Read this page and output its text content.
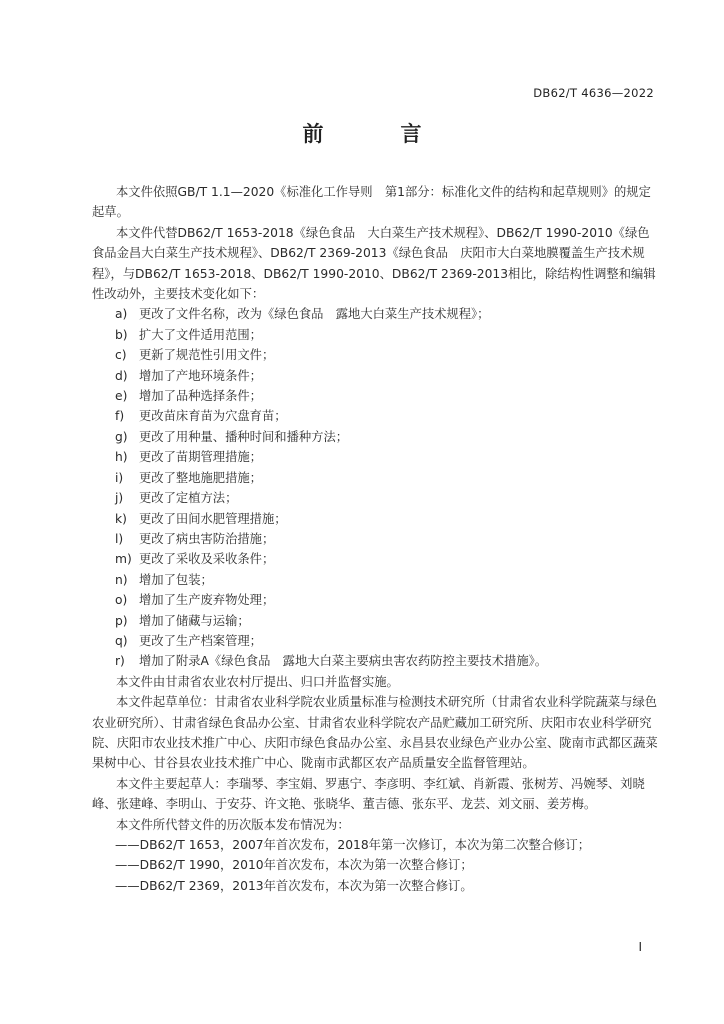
DB62/T 4636—2022
前　言

本文件依照GB/T 1.1—2020《标准化工作导则　第1部分：标准化文件的结构和起草规则》的规定起草。

本文件代替DB62/T 1653-2018《绿色食品　大白菜生产技术规程》、DB62/T 1990-2010《绿色食品金昌大白菜生产技术规程》、DB62/T 2369-2013《绿色食品　庆阳市大白菜地膜覆盖生产技术规程》，与DB62/T 1653-2018、DB62/T 1990-2010、DB62/T 2369-2013相比，除结构性调整和编辑性改动外，主要技术变化如下：

a) 更改了文件名称，改为《绿色食品　露地大白菜生产技术规程》；
b) 扩大了文件适用范围；
c)	更新了规范性引用文件；
d) 增加了产地环境条件；
e) 增加了品种选择条件；
f)	更改苗床育苗为穴盘育苗；
g) 更改了用种量、播种时间和播种方法；
h) 更改了苗期管理措施；
i)	更改了整地施肥措施；
j)	更改了定植方法；
k) 更改了田间水肥管理措施；
l)	更改了病虫害防治措施；
m) 更改了采收及采收条件；
n) 增加了包装；
o) 增加了生产废弃物处理；
p) 增加了储藏与运输；
q) 更改了生产档案管理；
r)	增加了附录A《绿色食品　露地大白菜主要病虫害农药防控主要技术措施》。

本文件由甘肃省农业农村厅提出、归口并监督实施。

本文件起草单位：甘肃省农业科学院农业质量标准与检测技术研究所（甘肃省农业科学院蔬菜与绿色农业研究所）、甘肃省绿色食品办公室、甘肃省农业科学院农产品贮藏加工研究所、庆阳市农业科学研究院、庆阳市农业技术推广中心、庆阳市绿色食品办公室、永昌县农业绿色产业办公室、陇南市武都区蔬菜果树中心、甘谷县农业技术推广中心、陇南市武都区农产品质量安全监督管理站。

本文件主要起草人：李瑞琴、李宝娟、罗惠宁、李彦明、李红斌、肖新霞、张树芳、冯婉琴、刘晓峰、张建峰、李明山、于安芬、许文艳、张晓华、董吉德、张东平、龙芸、刘文丽、姜芳梅。

本文件所代替文件的历次版本发布情况为：

——DB62/T 1653，2007年首次发布，2018年第一次修订，本次为第二次整合修订；

——DB62/T 1990，2010年首次发布，本次为第一次整合修订；

——DB62/T 2369，2013年首次发布，本次为第一次整合修订。

I
